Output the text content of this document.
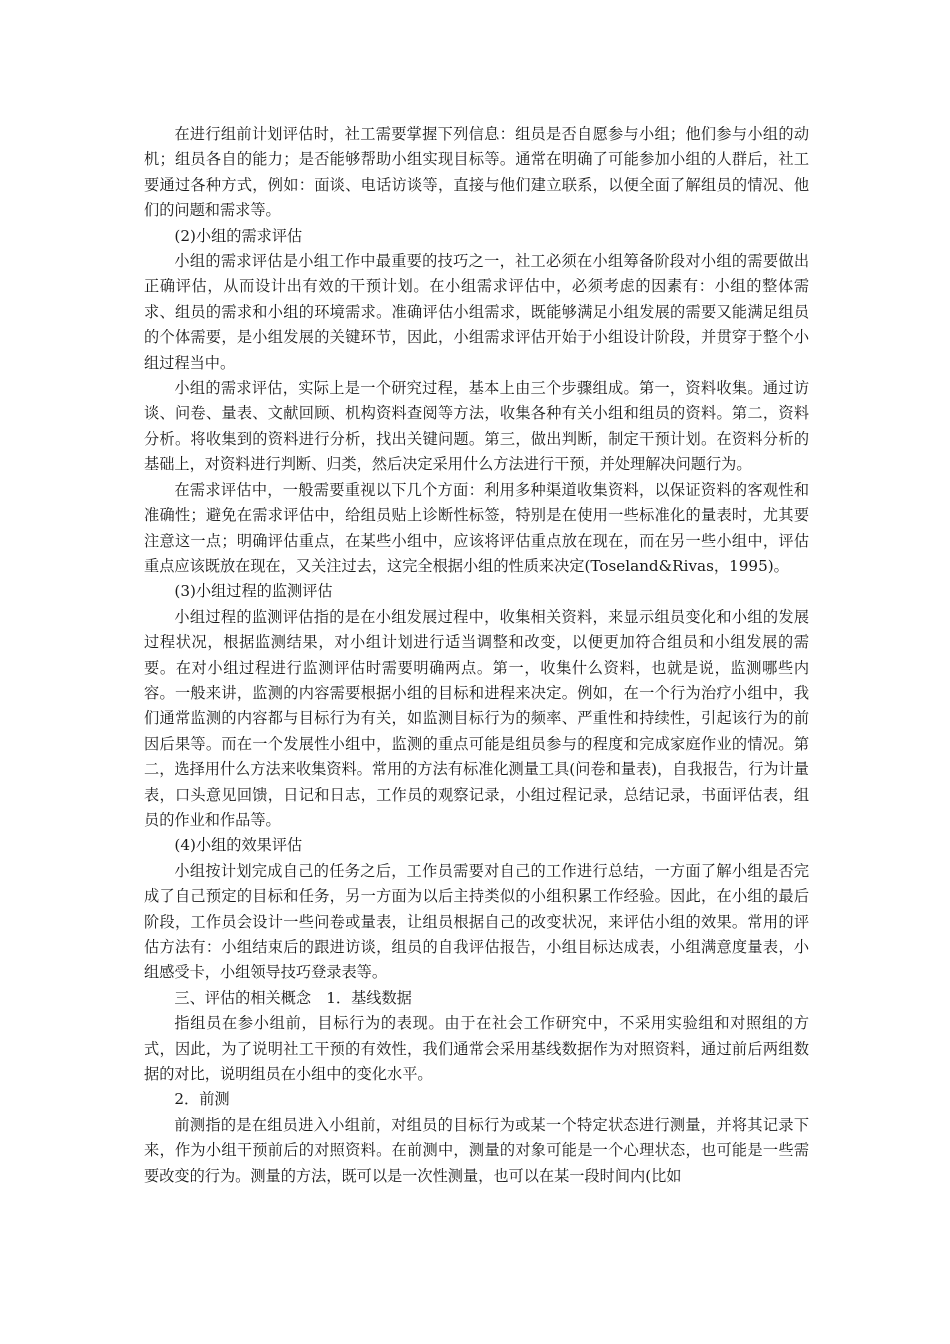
在进行组前计划评估时，社工需要掌握下列信息：组员是否自愿参与小组；他们参与小组的动机；组员各自的能力；是否能够帮助小组实现目标等。通常在明确了可能参加小组的人群后，社工要通过各种方式，例如：面谈、电话访谈等，直接与他们建立联系，以便全面了解组员的情况、他们的问题和需求等。

(2)小组的需求评估

小组的需求评估是小组工作中最重要的技巧之一，社工必须在小组筹备阶段对小组的需要做出正确评估，从而设计出有效的干预计划。在小组需求评估中，必须考虑的因素有：小组的整体需求、组员的需求和小组的环境需求。准确评估小组需求，既能够满足小组发展的需要又能满足组员的个体需要，是小组发展的关键环节，因此，小组需求评估开始于小组设计阶段，并贯穿于整个小组过程当中。

小组的需求评估，实际上是一个研究过程，基本上由三个步骤组成。第一，资料收集。通过访谈、问卷、量表、文献回顾、机构资料查阅等方法，收集各种有关小组和组员的资料。第二，资料分析。将收集到的资料进行分析，找出关键问题。第三，做出判断，制定干预计划。在资料分析的基础上，对资料进行判断、归类，然后决定采用什么方法进行干预，并处理解决问题行为。

在需求评估中，一般需要重视以下几个方面：利用多种渠道收集资料，以保证资料的客观性和准确性；避免在需求评估中，给组员贴上诊断性标签，特别是在使用一些标准化的量表时，尤其要注意这一点；明确评估重点，在某些小组中，应该将评估重点放在现在，而在另一些小组中，评估重点应该既放在现在，又关注过去，这完全根据小组的性质来决定(Toseland&Rivas，1995)。

(3)小组过程的监测评估

小组过程的监测评估指的是在小组发展过程中，收集相关资料，来显示组员变化和小组的发展过程状况，根据监测结果，对小组计划进行适当调整和改变，以便更加符合组员和小组发展的需要。在对小组过程进行监测评估时需要明确两点。第一，收集什么资料，也就是说，监测哪些内容。一般来讲，监测的内容需要根据小组的目标和进程来决定。例如，在一个行为治疗小组中，我们通常监测的内容都与目标行为有关，如监测目标行为的频率、严重性和持续性，引起该行为的前因后果等。而在一个发展性小组中，监测的重点可能是组员参与的程度和完成家庭作业的情况。第二，选择用什么方法来收集资料。常用的方法有标准化测量工具(问卷和量表)，自我报告，行为计量表，口头意见回馈，日记和日志，工作员的观察记录，小组过程记录，总结记录，书面评估表，组员的作业和作品等。

(4)小组的效果评估

小组按计划完成自己的任务之后，工作员需要对自己的工作进行总结，一方面了解小组是否完成了自己预定的目标和任务，另一方面为以后主持类似的小组积累工作经验。因此，在小组的最后阶段，工作员会设计一些问卷或量表，让组员根据自己的改变状况，来评估小组的效果。常用的评估方法有：小组结束后的跟进访谈，组员的自我评估报告，小组目标达成表，小组满意度量表，小组感受卡，小组领导技巧登录表等。

三、评估的相关概念　1．基线数据

指组员在参小组前，目标行为的表现。由于在社会工作研究中，不采用实验组和对照组的方式，因此，为了说明社工干预的有效性，我们通常会采用基线数据作为对照资料，通过前后两组数据的对比，说明组员在小组中的变化水平。

2．前测

前测指的是在组员进入小组前，对组员的目标行为或某一个特定状态进行测量，并将其记录下来，作为小组干预前后的对照资料。在前测中，测量的对象可能是一个心理状态，也可能是一些需要改变的行为。测量的方法，既可以是一次性测量，也可以在某一段时间内(比如
